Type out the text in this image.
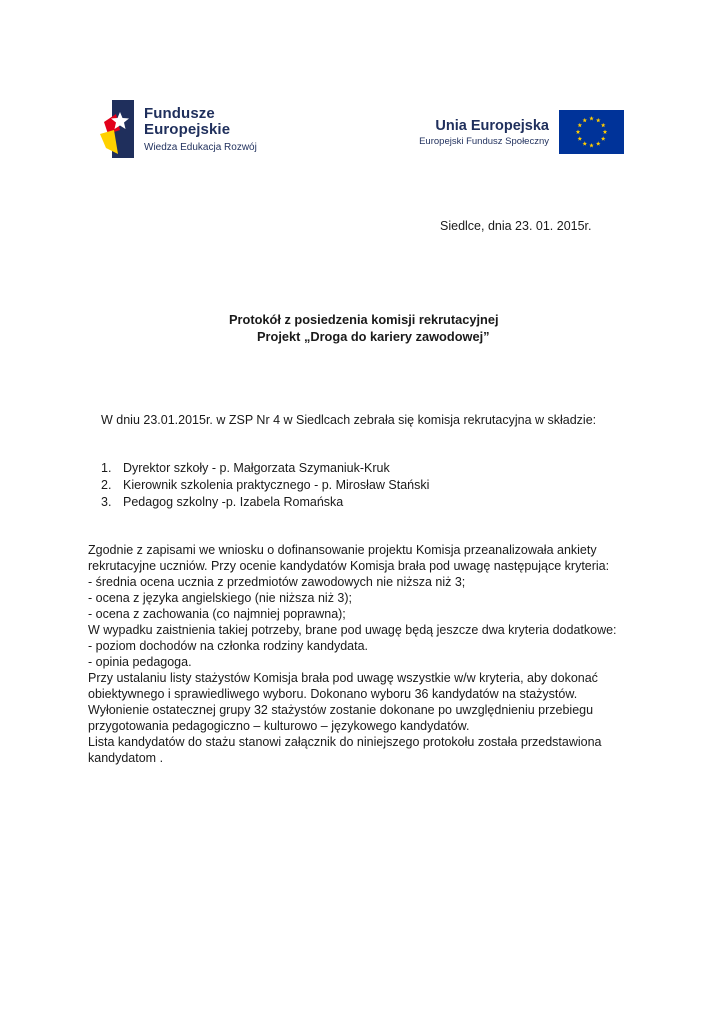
Fundusze
Europejskie
Wiedza Edukacja Rozwój
Unia Europejska
Europejski Fundusz Społeczny
Siedlce, dnia 23. 01. 2015r.
Protokół z posiedzenia komisji rekrutacyjnej
Projekt „Droga do kariery zawodowej”
W dniu 23.01.2015r. w ZSP Nr 4 w Siedlcach zebrała się komisja rekrutacyjna w składzie:
1. Dyrektor szkoły - p. Małgorzata Szymaniuk-Kruk
2. Kierownik szkolenia praktycznego - p. Mirosław Stański
3. Pedagog szkolny -p. Izabela Romańska
Zgodnie z zapisami we wniosku o dofinansowanie projektu Komisja przeanalizowała ankiety
rekrutacyjne uczniów. Przy ocenie kandydatów Komisja brała pod uwagę następujące kryteria:
- średnia ocena ucznia z przedmiotów zawodowych nie niższa niż 3;
- ocena z języka angielskiego (nie niższa niż 3);
- ocena z zachowania (co najmniej poprawna);
W wypadku zaistnienia takiej potrzeby, brane pod uwagę będą jeszcze dwa kryteria dodatkowe:
- poziom dochodów na członka rodziny kandydata.
- opinia pedagoga.
Przy ustalaniu listy stażystów Komisja brała pod uwagę wszystkie w/w kryteria, aby dokonać
obiektywnego i sprawiedliwego wyboru. Dokonano wyboru 36 kandydatów na stażystów.
Wyłonienie ostatecznej grupy 32 stażystów zostanie dokonane po uwzględnieniu przebiegu
przygotowania pedagogiczno – kulturowo – językowego kandydatów.
Lista kandydatów do stażu stanowi załącznik do niniejszego protokołu została przedstawiona
kandydatom .
